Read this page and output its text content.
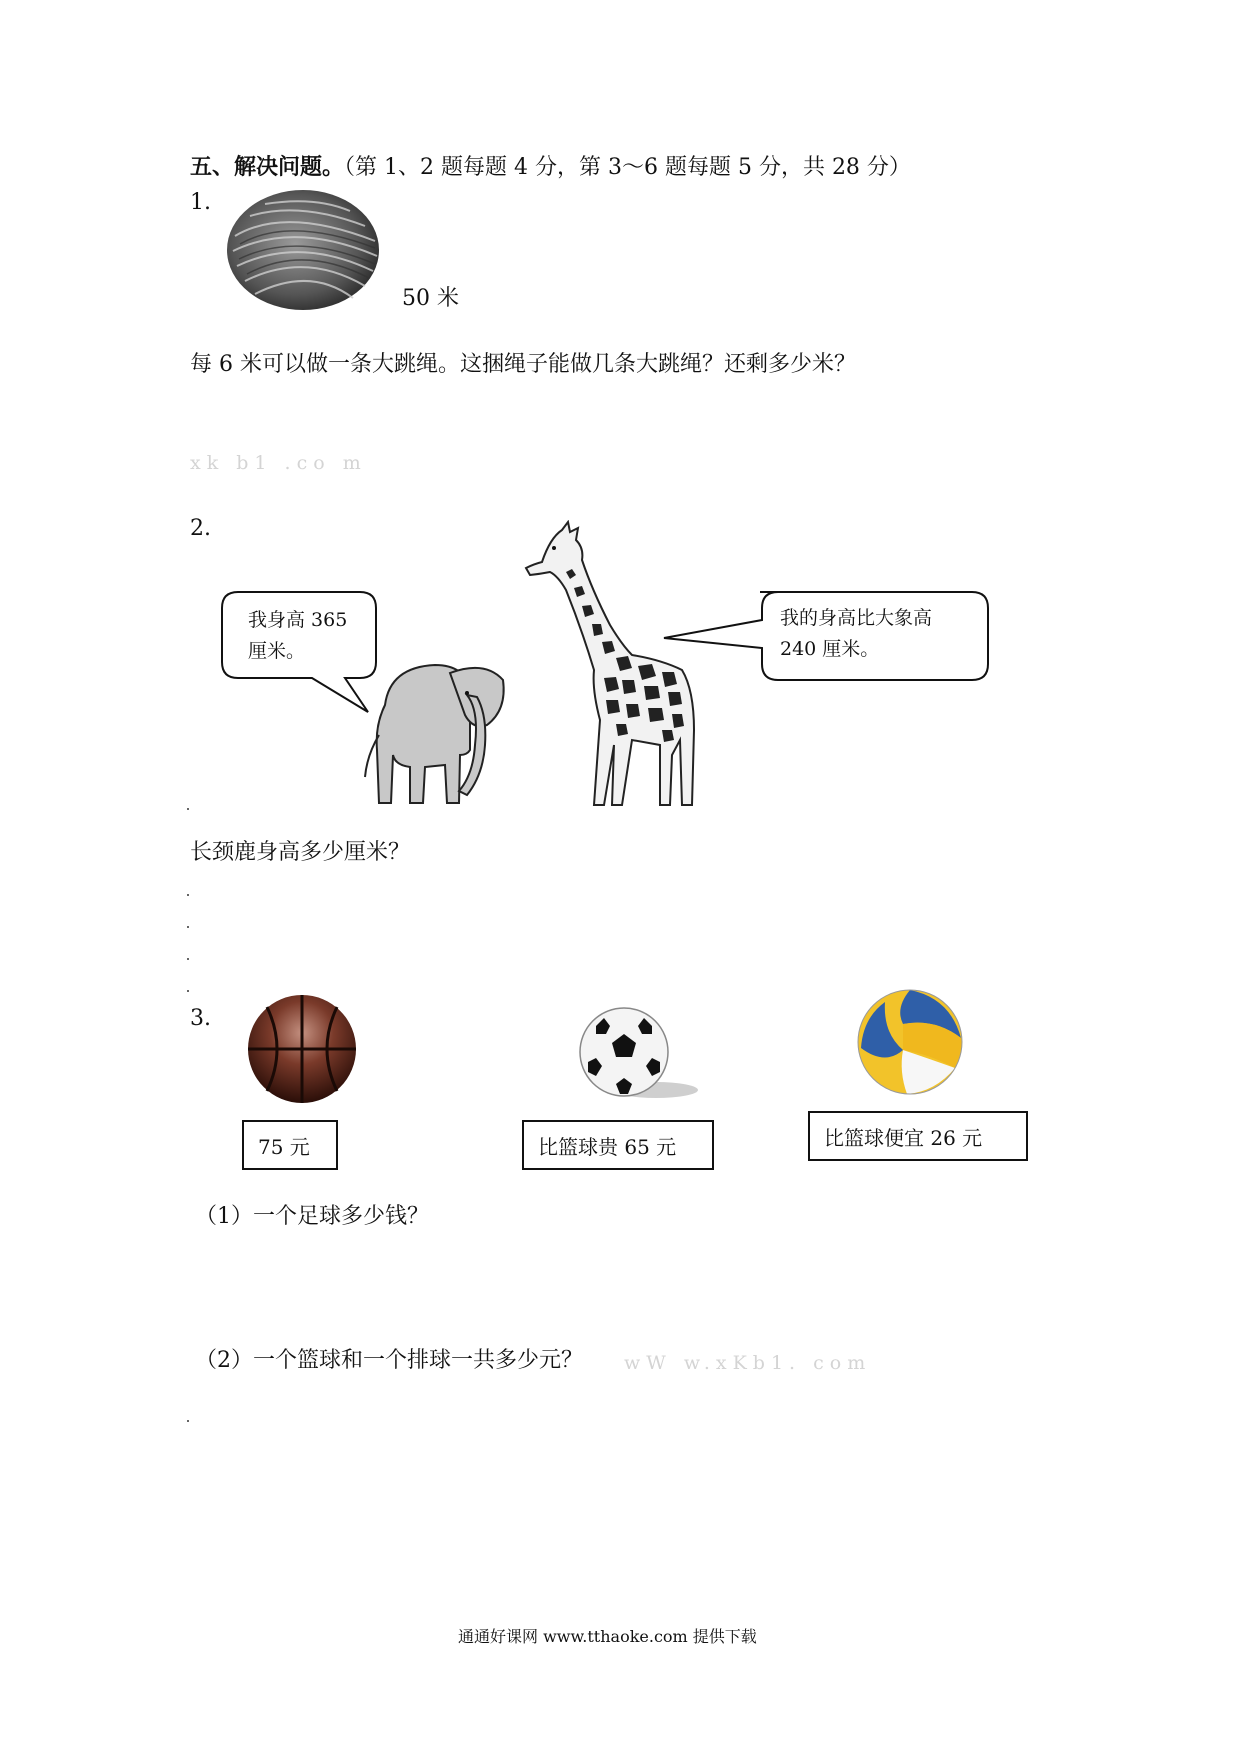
五、解决问题。（第 1、2 题每题 4 分，第 3～6 题每题 5 分，共 28 分）
1.
50 米
每 6 米可以做一条大跳绳。这捆绳子能做几条大跳绳？还剩多少米？
xk b1 .co m
2.
我身高 365
厘米。
我的身高比大象高
240 厘米。
长颈鹿身高多少厘米？
3.
75 元	比篮球贵 65 元	比篮球便宜 26 元
（1）一个足球多少钱？
（2）一个篮球和一个排球一共多少元？ wW w.xKb1. com
通通好课网 www.tthaoke.com 提供下载
